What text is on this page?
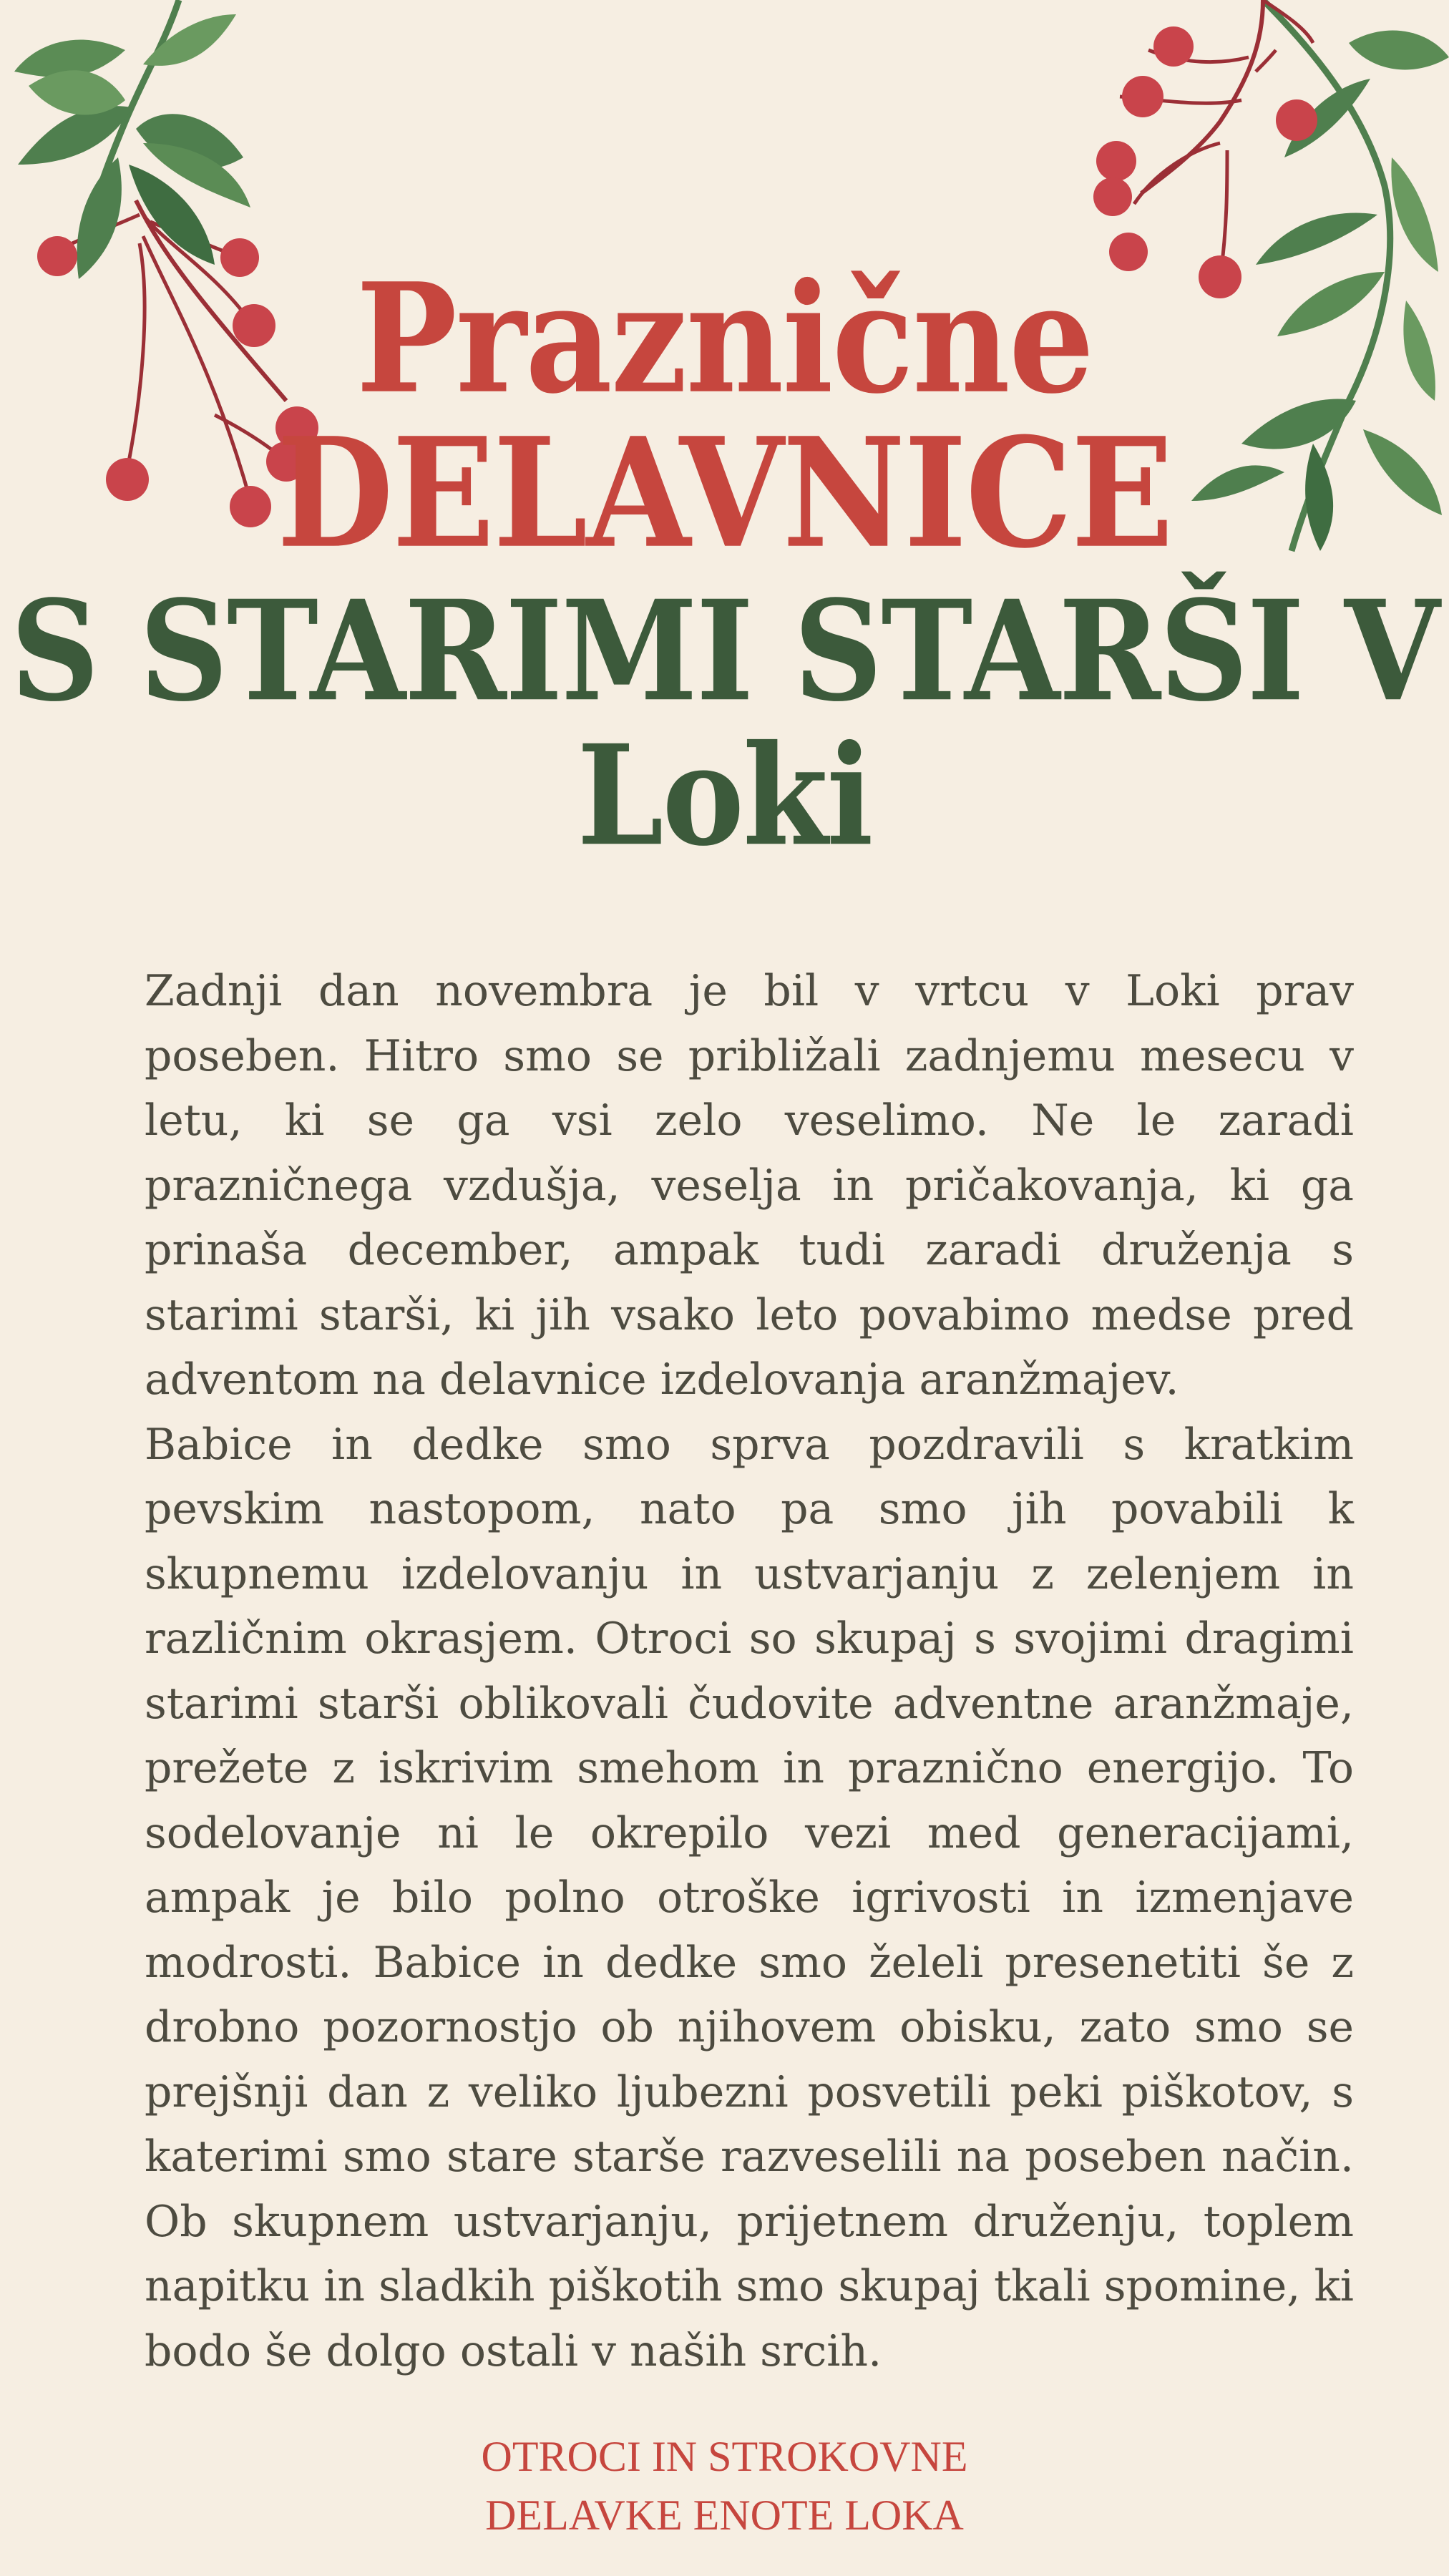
Praznične
DELAVNICE
S STARIMI STARŠI V
Loki

Zadnji dan novembra je bil v vrtcu v Loki prav poseben. Hitro smo se približali zadnjemu mesecu v letu, ki se ga vsi zelo veselimo. Ne le zaradi prazničnega vzdušja, veselja in pričakovanja, ki ga prinaša december, ampak tudi zaradi druženja s starimi starši, ki jih vsako leto povabimo medse pred adventom na delavnice izdelovanja aranžmajev.

Babice in dedke smo sprva pozdravili s kratkim pevskim nastopom, nato pa smo jih povabili k skupnemu izdelovanju in ustvarjanju z zelenjem in različnim okrasjem. Otroci so skupaj s svojimi dragimi starimi starši oblikovali čudovite adventne aranžmaje, prežete z iskrivim smehom in praznično energijo. To sodelovanje ni le okrepilo vezi med generacijami, ampak je bilo polno otroške igrivosti in izmenjave modrosti. Babice in dedke smo želeli presenetiti še z drobno pozornostjo ob njihovem obisku, zato smo se prejšnji dan z veliko ljubezni posvetili peki piškotov, s katerimi smo stare starše razveselili na poseben način. Ob skupnem ustvarjanju, prijetnem druženju, toplem napitku in sladkih piškotih smo skupaj tkali spomine, ki bodo še dolgo ostali v naših srcih.

OTROCI IN STROKOVNE
DELAVKE ENOTE LOKA
